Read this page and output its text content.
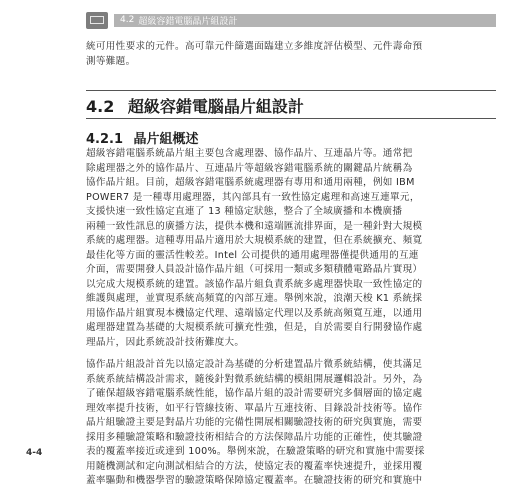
4.2 超級容錯電腦晶片組設計
統可用性要求的元件。高可靠元件篩選面臨建立多維度評估模型、元件壽命預
測等難題。
4.2 超級容錯電腦晶片組設計
4.2.1 晶片組概述
超級容錯電腦系統晶片組主要包含處理器、協作晶片、互連晶片等。通常把
除處理器之外的協作晶片、互連晶片等超級容錯電腦系統的關鍵晶片統稱為
協作晶片組。目前，超級容錯電腦系統處理器有專用和通用兩種，例如 IBM
POWER7 是一種專用處理器，其內部具有一致性協定處理和高速互連單元，
支援快速一致性協定直連了 13 種協定狀態，整合了全域廣播和本機廣播
兩種一致性訊息的廣播方法，提供本機和遠端匯流排界面，是一種針對大規模
系統的處理器。這種專用晶片適用於大規模系統的建置，但在系統擴充、頻寬
最佳化等方面的靈活性較差。Intel 公司提供的通用處理器僅提供通用的互連
介面，需要開發人員設計協作晶片組（可採用一類或多類積體電路晶片實現）
以完成大規模系統的建置。該協作晶片組負責系統多處理器快取一致性協定的
維護與處理，並實現系統高頻寬的內部互連。舉例來說，浪潮天梭 K1 系統採
用協作晶片組實現本機協定代理、遠端協定代理以及系統高頻寬互連，以通用
處理器建置為基礎的大規模系統可擴充性強，但是，自於需要自行開發協作處
理晶片，因此系統設計技術難度大。
協作晶片組設計首先以協定設計為基礎的分析建置晶片微系統結構，使其滿足
系統系統結構設計需求，隨後針對微系統結構的模組開展邏輯設計。另外，為
了確保超級容錯電腦系統性能，協作晶片組的設計需要研究多個層面的協定處
理效率提升技術，如平行管線技術、單晶片互連技術、目錄設計技術等。協作
晶片組驗證主要是對晶片功能的完備性開展相關驗證技術的研究與實施，需要
採用多種驗證策略和驗證技術相結合的方法保障晶片功能的正確性，使其驗證
表的覆蓋率接近或達到 100%。舉例來說，在驗證策略的研究和實施中需要採
用隨機測試和定向測試相結合的方法，使協定表的覆蓋率快速提升，並採用覆
蓋率驅動和機器學習的驗證策略保障協定覆蓋率。在驗證技術的研究和實施中
4-4
